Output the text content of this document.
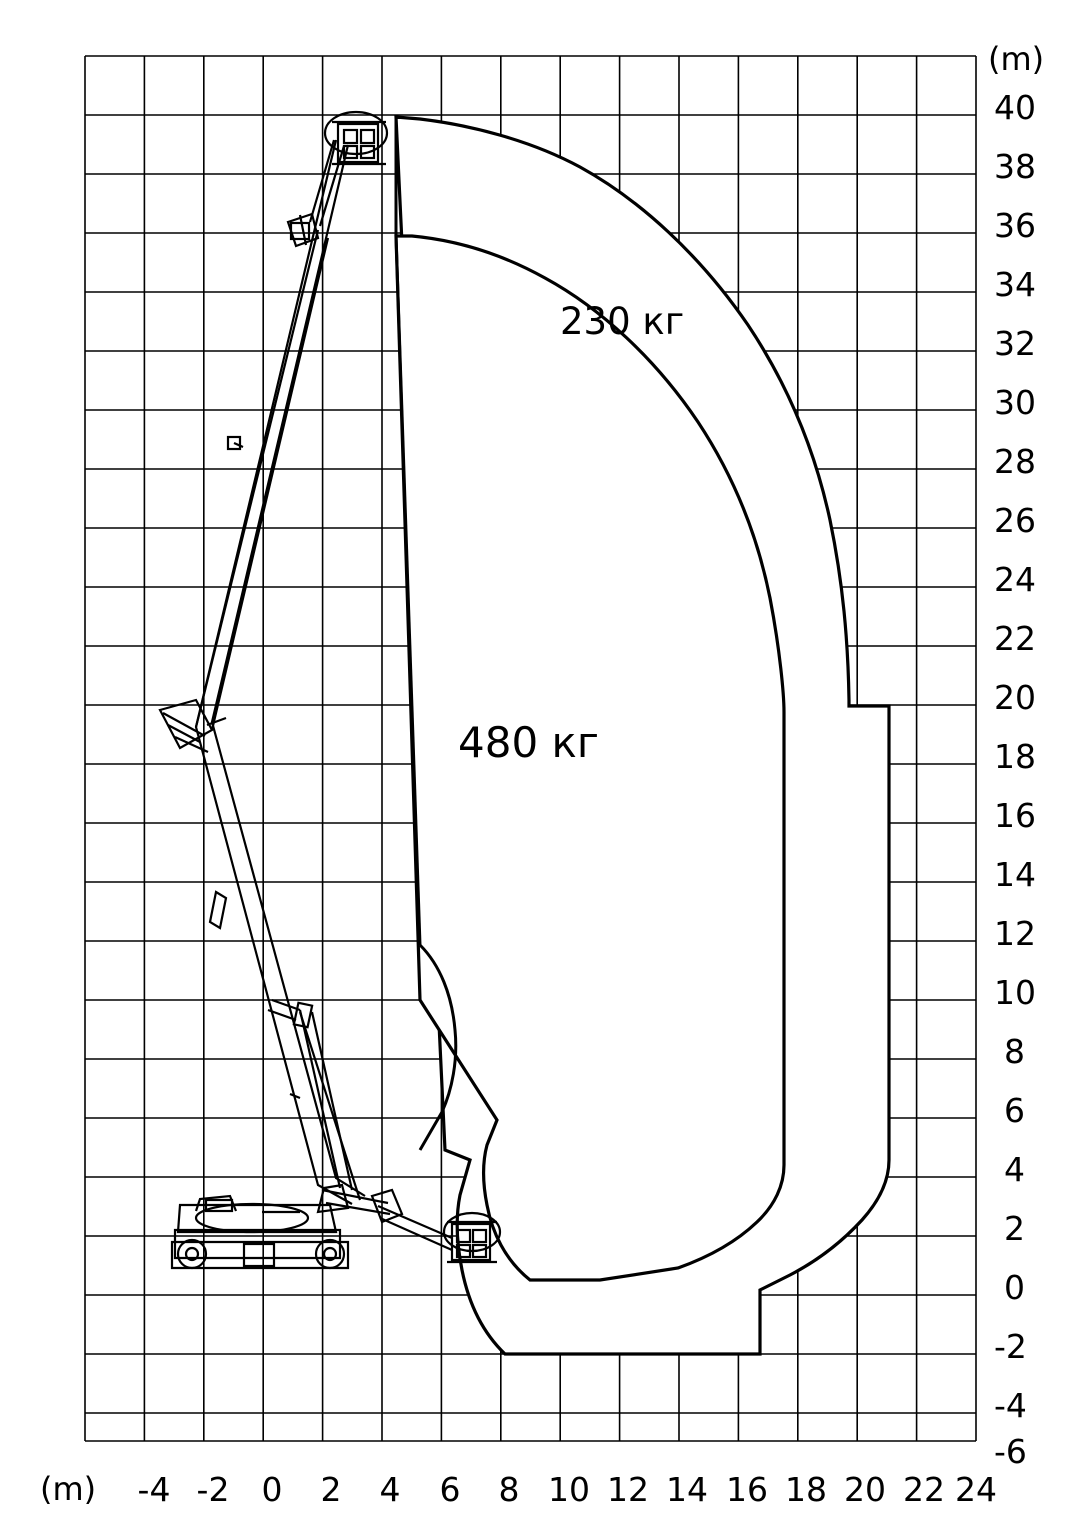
(m)
40
38
36
34
32
30
28
26
24
22
20
18
16
14
12
10
8
6
4
2
0
-2
-4
-6
(m) -4 -2 0 2 4 6 8 10 12 14 16 18 20 22 24
230 кг
480 кг
